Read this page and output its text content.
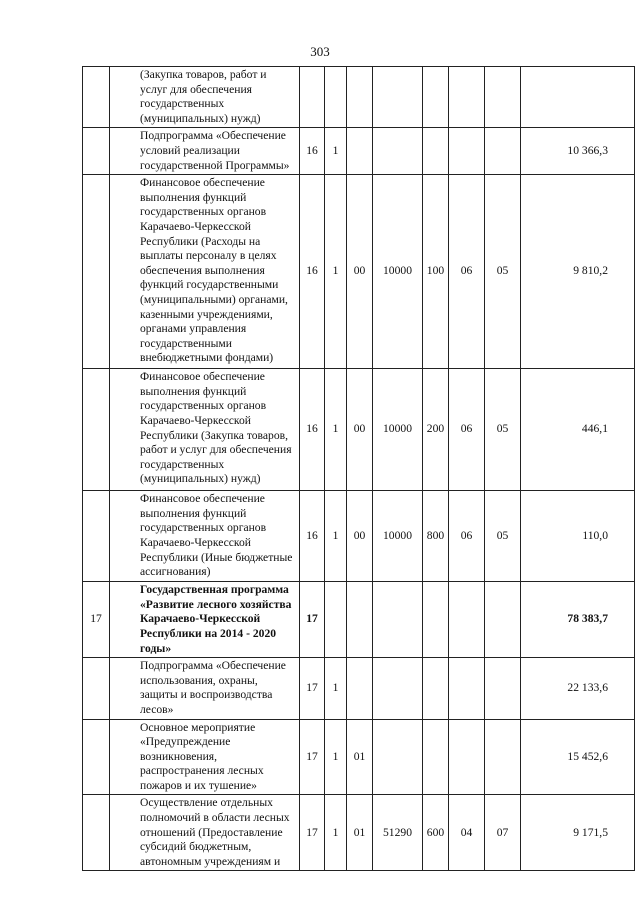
303
	(Закупка товаров, работ и услуг для обеспечения государственных (муниципальных) нужд)								
	Подпрограмма «Обеспечение условий реализации государственной Программы»	16	1						10 366,3
	Финансовое обеспечение выполнения функций государственных органов Карачаево-Черкесской Республики (Расходы на выплаты персоналу в целях обеспечения выполнения функций государственными (муниципальными) органами, казенными учреждениями, органами управления государственными внебюджетными фондами)	16	1	00	10000	100	06	05	9 810,2
	Финансовое обеспечение выполнения функций государственных органов Карачаево-Черкесской Республики (Закупка товаров, работ и услуг для обеспечения государственных (муниципальных) нужд)	16	1	00	10000	200	06	05	446,1
	Финансовое обеспечение выполнения функций государственных органов Карачаево-Черкесской Республики (Иные бюджетные ассигнования)	16	1	00	10000	800	06	05	110,0
17	Государственная программа «Развитие лесного хозяйства Карачаево-Черкесской Республики на 2014 - 2020 годы»	17							78 383,7
	Подпрограмма «Обеспечение использования, охраны, защиты и воспроизводства лесов»	17	1						22 133,6
	Основное мероприятие «Предупреждение возникновения, распространения лесных пожаров и их тушение»	17	1	01					15 452,6
	Осуществление отдельных полномочий в области лесных отношений (Предоставление субсидий бюджетным, автономным учреждениям и	17	1	01	51290	600	04	07	9 171,5
